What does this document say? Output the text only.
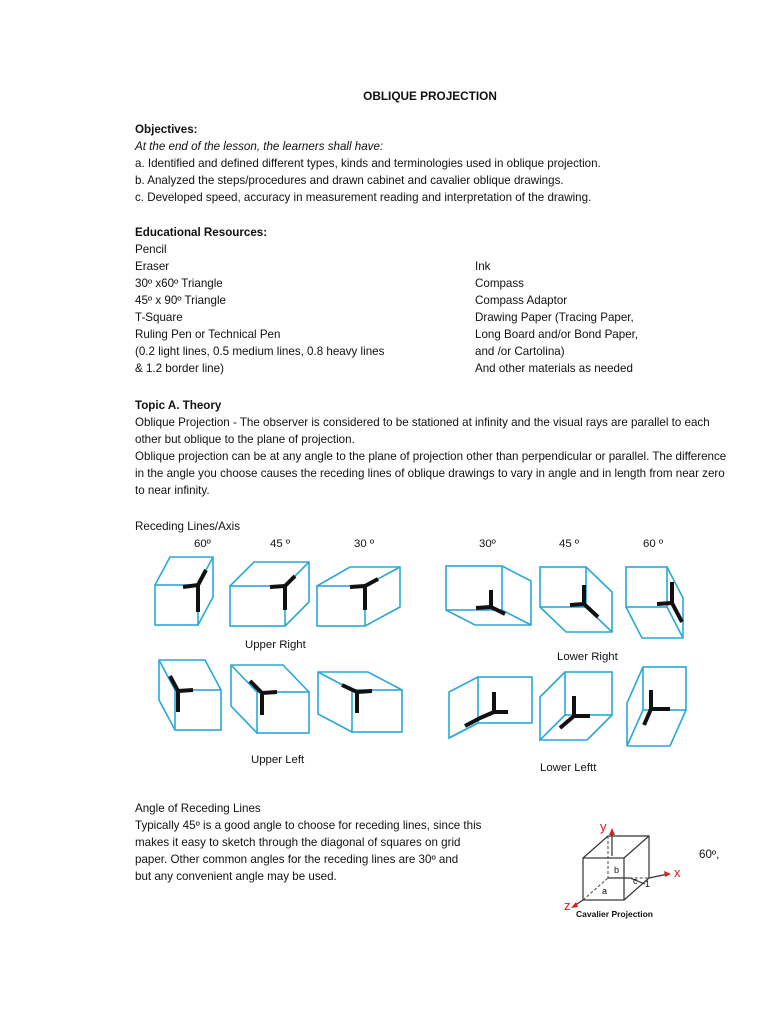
OBLIQUE PROJECTION
Objectives:
At the end of the lesson, the learners shall have:
a. Identified and defined different types, kinds and terminologies used in oblique projection.
b. Analyzed the steps/procedures and drawn cabinet and cavalier oblique drawings.
c. Developed speed, accuracy in measurement reading and interpretation of the drawing.
Educational Resources:
Pencil
Eraser
30º x60º Triangle
45º x 90º Triangle
T-Square
Ruling Pen or Technical Pen
(0.2 light lines, 0.5 medium lines, 0.8 heavy lines
& 1.2 border line)
Ink
Compass
Compass Adaptor
Drawing Paper (Tracing Paper,
Long Board and/or Bond Paper,
and /or Cartolina)
And other materials as needed
Topic A. Theory
Oblique Projection - The observer is considered to be stationed at infinity and the visual rays are parallel to each other but oblique to the plane of projection.
Oblique projection can be at any angle to the plane of projection other than perpendicular or parallel. The difference in the angle you choose causes the receding lines of oblique drawings to vary in angle and in length from near zero to near infinity.
Receding Lines/Axis
60º	45 º	30 º	30º	45 º	60 º
Upper Right
Lower Right
Upper Left
Lower Leftt
Angle of Receding Lines
Typically 45º is a good angle to choose for receding lines, since this
makes it easy to sketch through the diagonal of squares on grid
paper. Other common angles for the receding lines are 30º and
but any convenient angle may be used.
60º,
y
x
z
a
b
c 1
Cavalier Projection
